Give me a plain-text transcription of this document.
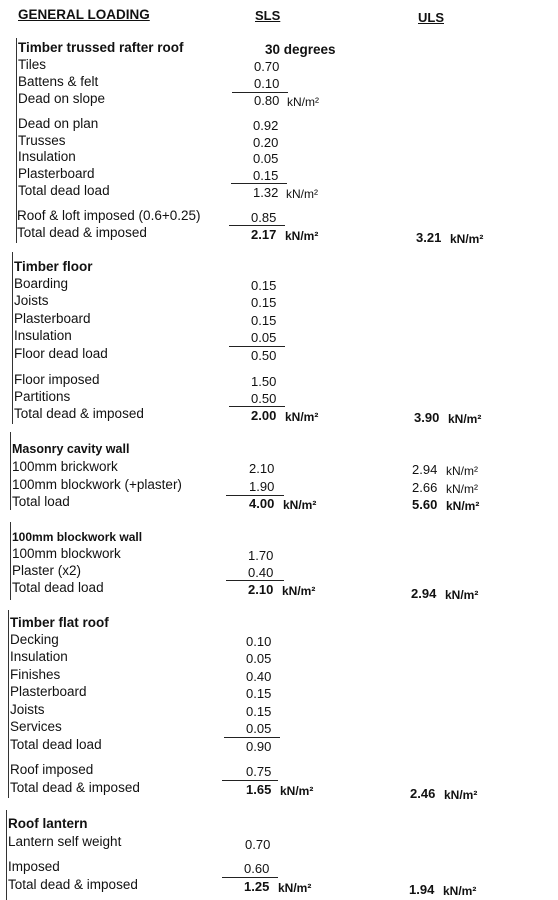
GENERAL LOADING	SLS	ULS
Timber trussed rafter roof	30 degrees
Tiles	0.70
Battens & felt	0.10
Dead on slope	0.80 kN/m²
Dead on plan	0.92
Trusses	0.20
Insulation	0.05
Plasterboard	0.15
Total dead load	1.32 kN/m²
Roof & loft imposed (0.6+0.25)	0.85
Total dead & imposed	2.17 kN/m²	3.21 kN/m²
Timber floor
Boarding	0.15
Joists	0.15
Plasterboard	0.15
Insulation	0.05
Floor dead load	0.50
Floor imposed	1.50
Partitions	0.50
Total dead & imposed	2.00 kN/m²	3.90 kN/m²
Masonry cavity wall
100mm brickwork	2.10	2.94 kN/m²
100mm blockwork (+plaster)	1.90	2.66 kN/m²
Total load	4.00 kN/m²	5.60 kN/m²
100mm blockwork wall
100mm blockwork	1.70
Plaster (x2)	0.40
Total dead load	2.10 kN/m²	2.94 kN/m²
Timber flat roof
Decking	0.10
Insulation	0.05
Finishes	0.40
Plasterboard	0.15
Joists	0.15
Services	0.05
Total dead load	0.90
Roof imposed	0.75
Total dead & imposed	1.65 kN/m²	2.46 kN/m²
Roof lantern
Lantern self weight	0.70
Imposed	0.60
Total dead & imposed	1.25 kN/m²	1.94 kN/m²
